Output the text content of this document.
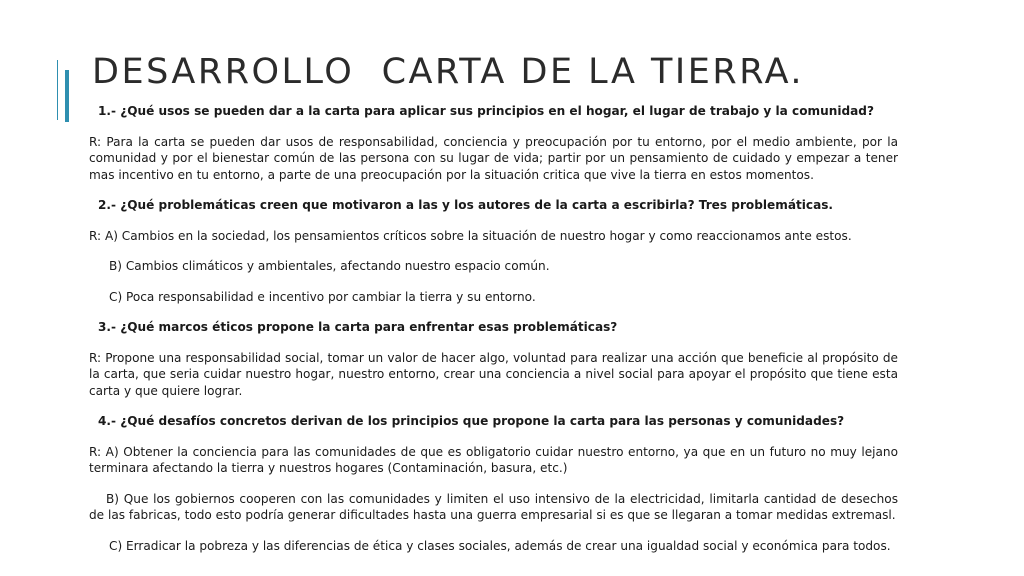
DESARROLLO  CARTA DE LA TIERRA.

1.- ¿Qué usos se pueden dar a la carta para aplicar sus principios en el hogar, el lugar de trabajo y la comunidad?

R: Para la carta se pueden dar usos de responsabilidad, conciencia y preocupación por tu entorno, por el medio ambiente, por la comunidad y por el bienestar común de las persona con su lugar de vida; partir por un pensamiento de cuidado y empezar a tener mas incentivo en tu entorno, a parte de una preocupación por la situación critica que vive la tierra en estos momentos.

2.- ¿Qué problemáticas creen que motivaron a las y los autores de la carta a escribirla? Tres problemáticas.

R: A) Cambios en la sociedad, los pensamientos críticos sobre la situación de nuestro hogar y como reaccionamos ante estos.

B) Cambios climáticos y ambientales, afectando nuestro espacio común.

C) Poca responsabilidad e incentivo por cambiar la tierra y su entorno.

3.- ¿Qué marcos éticos propone la carta para enfrentar esas problemáticas?

R: Propone una responsabilidad social, tomar un valor de hacer algo, voluntad para realizar una acción que beneficie al propósito de la carta, que seria cuidar nuestro hogar, nuestro entorno, crear una conciencia a nivel social para apoyar el propósito que tiene esta carta y que quiere lograr.

4.- ¿Qué desafíos concretos derivan de los principios que propone la carta para las personas y comunidades?

R: A) Obtener la conciencia para las comunidades de que es obligatorio cuidar nuestro entorno, ya que en un futuro no muy lejano terminara afectando la tierra y nuestros hogares (Contaminación, basura, etc.)

B) Que los gobiernos cooperen con las comunidades y limiten el uso intensivo de la electricidad, limitarla cantidad de desechos de las fabricas, todo esto podría generar dificultades hasta una guerra empresarial si es que se llegaran a tomar medidas extremasl.

C) Erradicar la pobreza y las diferencias de ética y clases sociales, además de crear una igualdad social y económica para todos.
